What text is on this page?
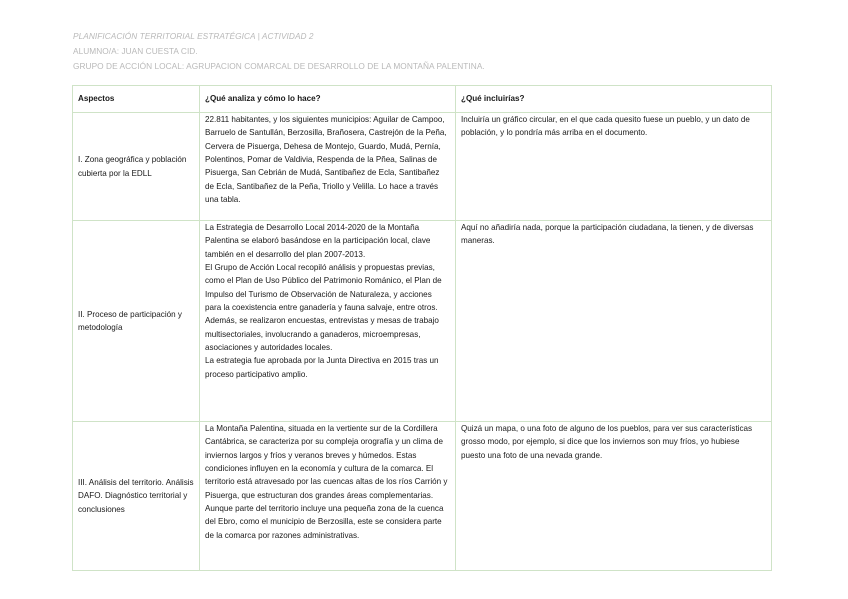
PLANIFICACIÓN TERRITORIAL ESTRATÉGICA | ACTIVIDAD 2
ALUMNO/A: JUAN CUESTA CID.
GRUPO DE ACCIÓN LOCAL: AGRUPACION COMARCAL DE DESARROLLO DE LA MONTAÑA PALENTINA.
Aspectos	¿Qué analiza y cómo lo hace?	¿Qué incluirías?
I. Zona geográfica y población cubierta por la EDLL	22.811 habitantes, y los siguientes municipios: Aguilar de Campoo, Barruelo de Santullán, Berzosilla, Brañosera, Castrejón de la Peña, Cervera de Pisuerga, Dehesa de Montejo, Guardo, Mudá, Pernía, Polentinos, Pomar de Valdivia, Respenda de la Pñea, Salinas de Pisuerga, San Cebrián de Mudá, Santibañez de Ecla, Santibañez de Ecla, Santibañez de la Peña, Triollo y Velilla. Lo hace a través una tabla.	Incluiría un gráfico circular, en el que cada quesito fuese un pueblo, y un dato de población, y lo pondría más arriba en el documento.
II. Proceso de participación y metodología	La Estrategia de Desarrollo Local 2014-2020 de la Montaña Palentina se elaboró basándose en la participación local, clave también en el desarrollo del plan 2007-2013.

El Grupo de Acción Local recopiló análisis y propuestas previas, como el Plan de Uso Público del Patrimonio Románico, el Plan de Impulso del Turismo de Observación de Naturaleza, y acciones para la coexistencia entre ganadería y fauna salvaje, entre otros.

Además, se realizaron encuestas, entrevistas y mesas de trabajo multisectoriales, involucrando a ganaderos, microempresas, asociaciones y autoridades locales.

La estrategia fue aprobada por la Junta Directiva en 2015 tras un proceso participativo amplio.	Aquí no añadiría nada, porque la participación ciudadana, la tienen, y de diversas maneras.
III. Análisis del territorio. Análisis DAFO. Diagnóstico territorial y conclusiones	La Montaña Palentina, situada en la vertiente sur de la Cordillera Cantábrica, se caracteriza por su compleja orografía y un clima de inviernos largos y fríos y veranos breves y húmedos. Estas condiciones influyen en la economía y cultura de la comarca. El territorio está atravesado por las cuencas altas de los ríos Carrión y Pisuerga, que estructuran dos grandes áreas complementarias. Aunque parte del territorio incluye una pequeña zona de la cuenca del Ebro, como el municipio de Berzosilla, este se considera parte de la comarca por razones administrativas.	Quizá un mapa, o una foto de alguno de los pueblos, para ver sus características grosso modo, por ejemplo, si dice que los inviernos son muy fríos, yo hubiese puesto una foto de una nevada grande.
